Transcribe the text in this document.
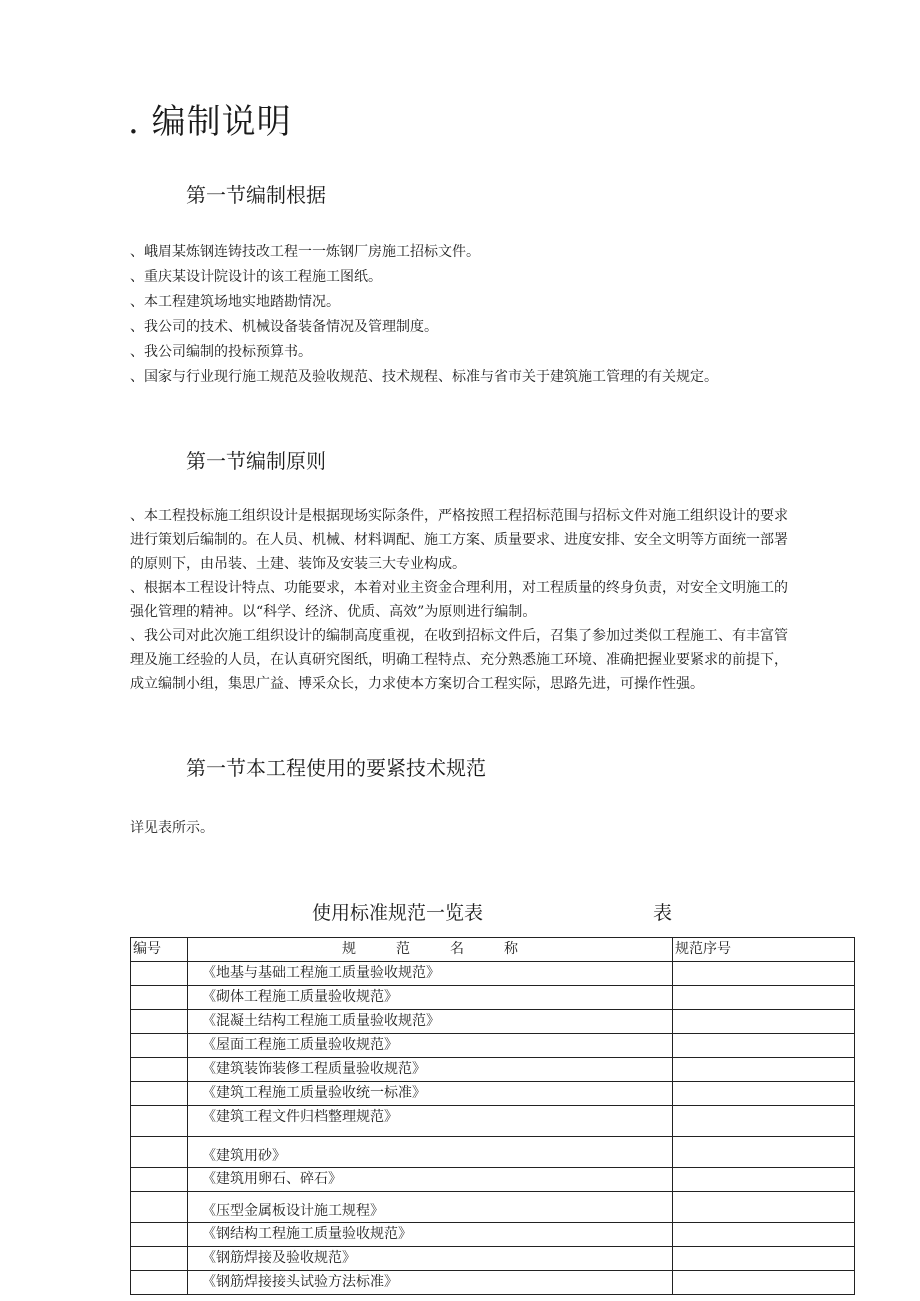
. 编制说明
第一节编制根据
、峨眉某炼钢连铸技改工程一一炼钢厂房施工招标文件。
、重庆某设计院设计的该工程施工图纸。
、本工程建筑场地实地踏勘情况。
、我公司的技术、机械设备装备情况及管理制度。
、我公司编制的投标预算书。
、国家与行业现行施工规范及验收规范、技术规程、标准与省市关于建筑施工管理的有关规定。
第一节编制原则
、本工程投标施工组织设计是根据现场实际条件，严格按照工程招标范围与招标文件对施工组织设计的要求
进行策划后编制的。在人员、机械、材料调配、施工方案、质量要求、进度安排、安全文明等方面统一部署
的原则下，由吊装、土建、装饰及安装三大专业构成。
、根据本工程设计特点、功能要求，本着对业主资金合理利用，对工程质量的终身负责，对安全文明施工的
强化管理的精神。以“科学、经济、优质、高效”为原则进行编制。
、我公司对此次施工组织设计的编制高度重视，在收到招标文件后，召集了参加过类似工程施工、有丰富管
理及施工经验的人员，在认真研究图纸，明确工程特点、充分熟悉施工环境、准确把握业要紧求的前提下，
成立编制小组，集思广益、博采众长，力求使本方案切合工程实际，思路先进，可操作性强。
第一节本工程使用的要紧技术规范
详见表所示。
使用标准规范一览表	表
编号	规范名称	规范序号
	《地基与基础工程施工质量验收规范》	
	《砌体工程施工质量验收规范》	
	《混凝土结构工程施工质量验收规范》	
	《屋面工程施工质量验收规范》	
	《建筑装饰装修工程质量验收规范》	
	《建筑工程施工质量验收统一标准》	
	《建筑工程文件归档整理规范》	
	《建筑用砂》	
	《建筑用卵石、碎石》	
	《压型金属板设计施工规程》	
	《钢结构工程施工质量验收规范》	
	《钢筋焊接及验收规范》	
	《钢筋焊接接头试验方法标准》	
